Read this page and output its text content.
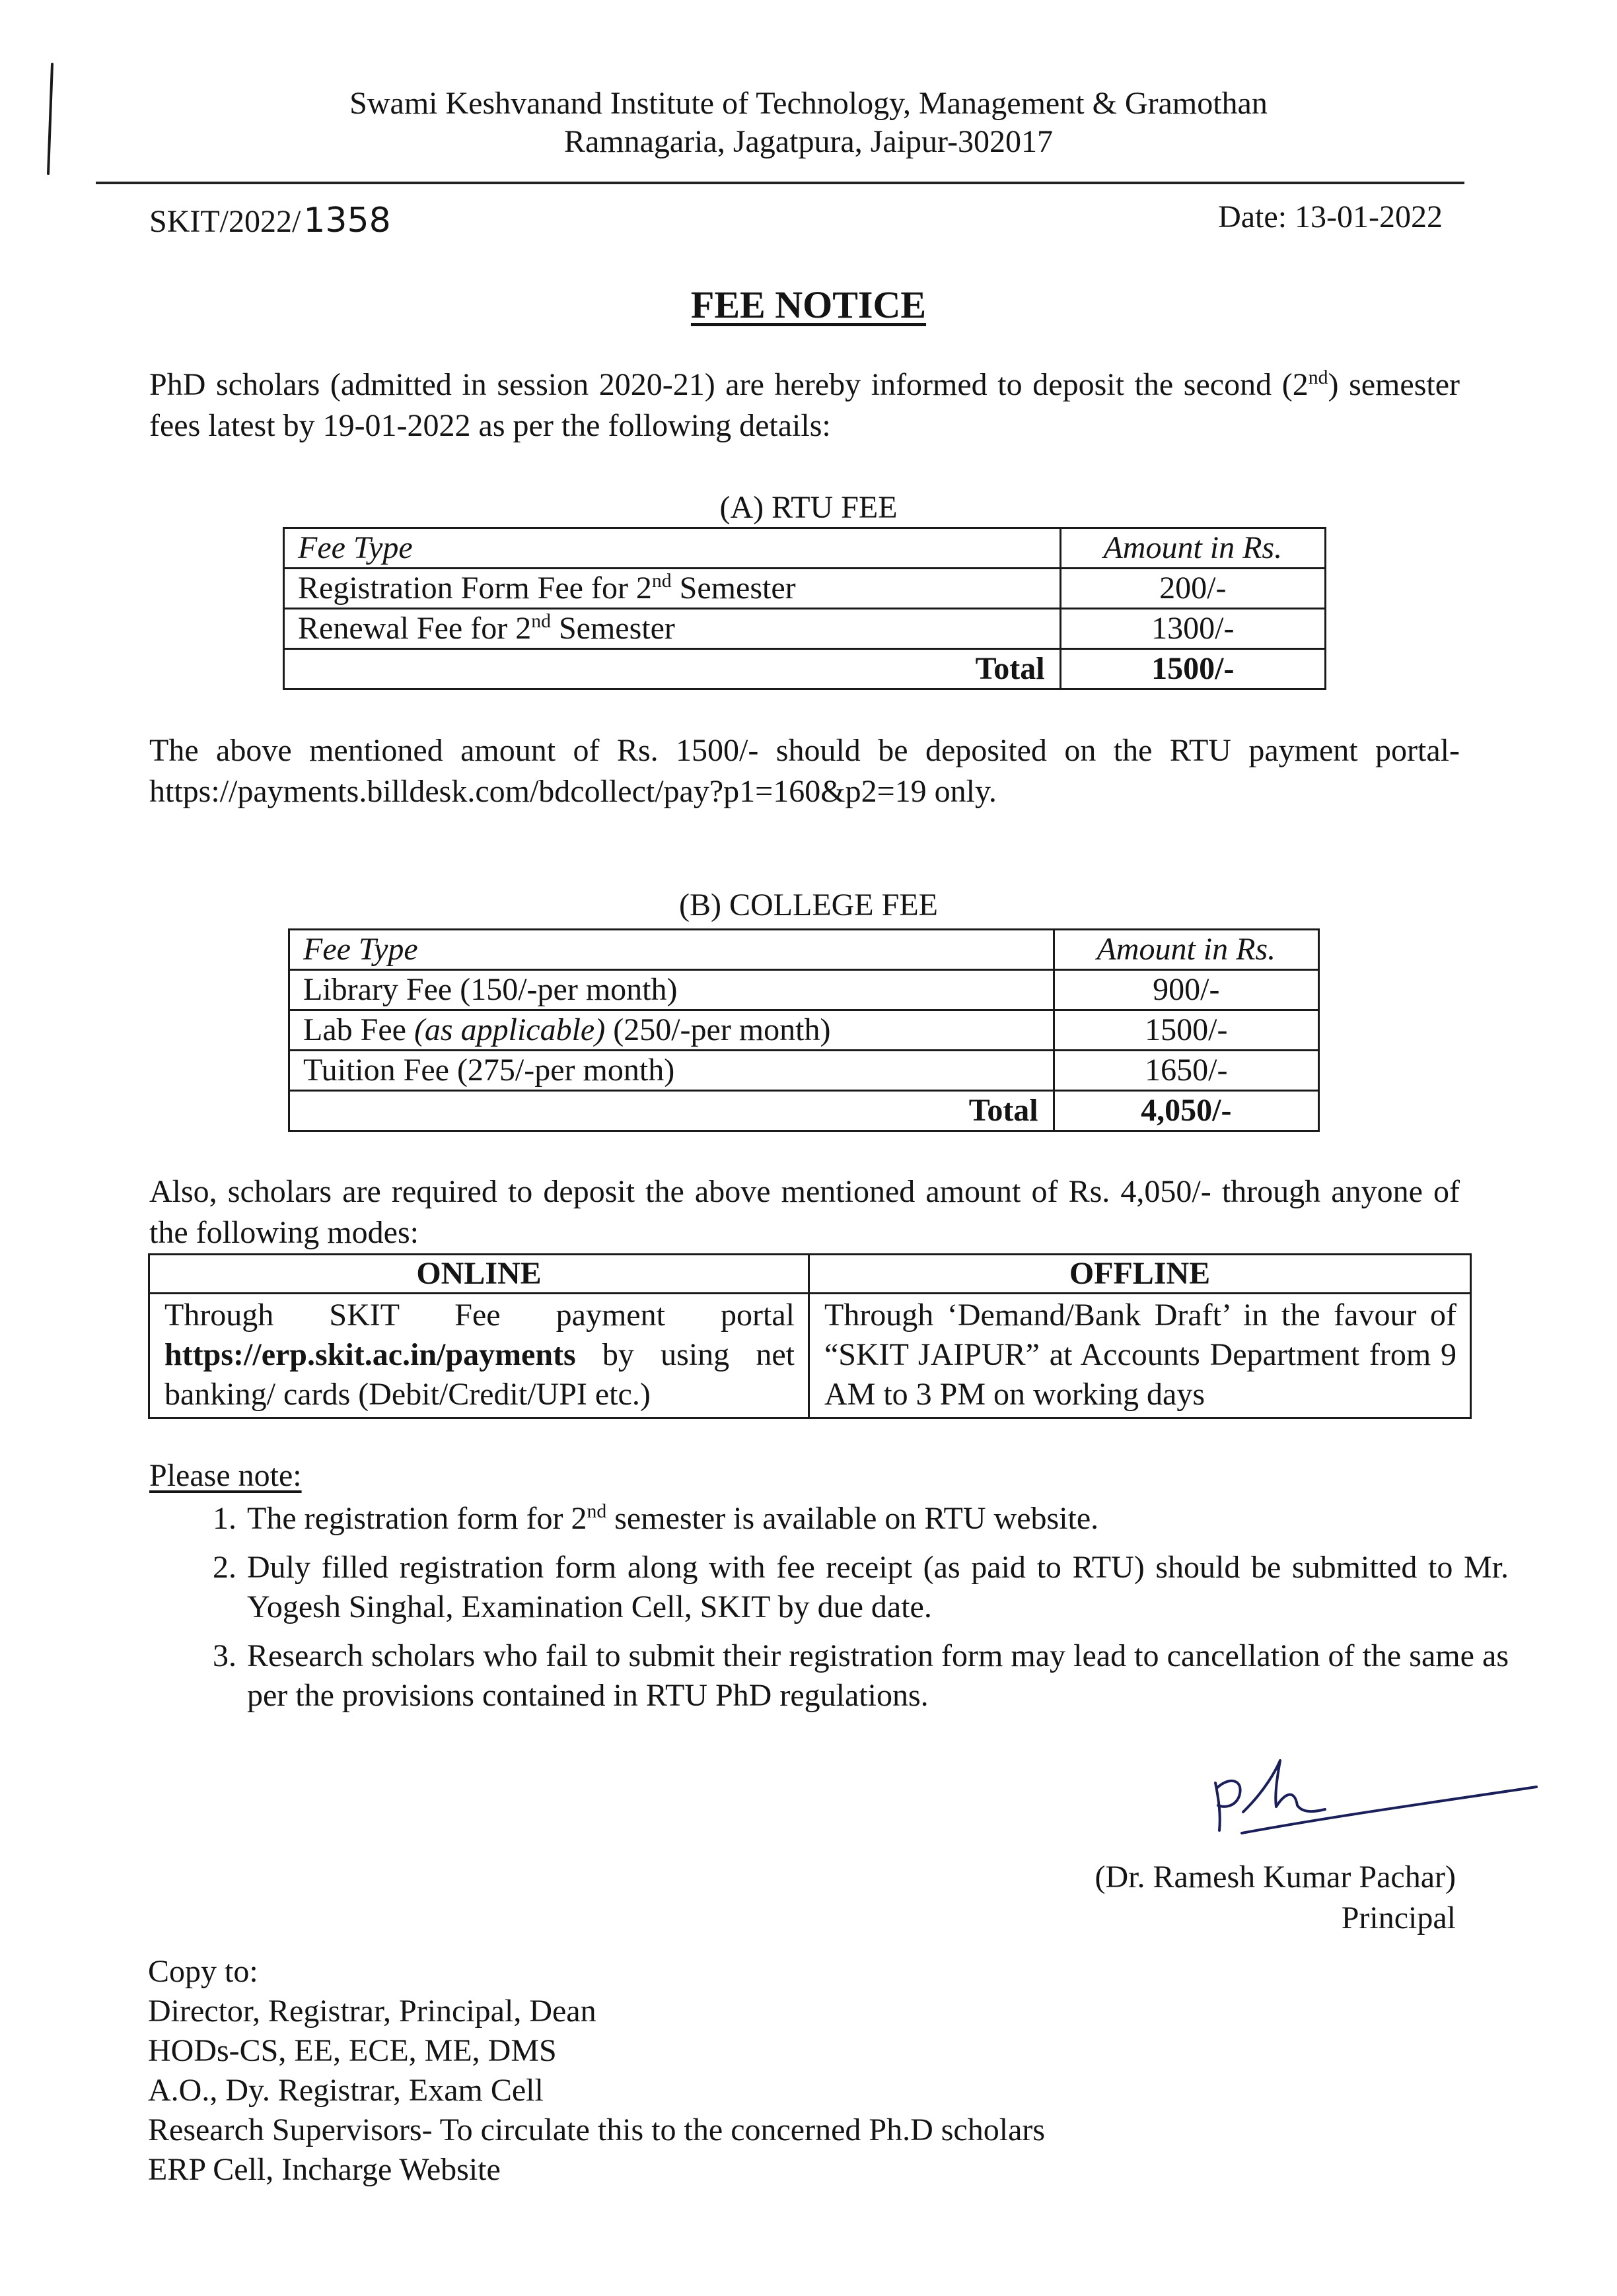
Swami Keshvanand Institute of Technology, Management & Gramothan
Ramnagaria, Jagatpura, Jaipur-302017
SKIT/2022/1358	Date: 13-01-2022
FEE NOTICE
PhD scholars (admitted in session 2020-21) are hereby informed to deposit the second (2nd) semester fees latest by 19-01-2022 as per the following details:
(A) RTU FEE
Fee Type	Amount in Rs.
Registration Form Fee for 2nd Semester	200/-
Renewal Fee for 2nd Semester	1300/-
Total	1500/-
The above mentioned amount of Rs. 1500/- should be deposited on the RTU payment portal- https://payments.billdesk.com/bdcollect/pay?p1=160&p2=19 only.
(B) COLLEGE FEE
Fee Type	Amount in Rs.
Library Fee (150/-per month)	900/-
Lab Fee (as applicable) (250/-per month)	1500/-
Tuition Fee (275/-per month)	1650/-
Total	4,050/-
Also, scholars are required to deposit the above mentioned amount of Rs. 4,050/- through anyone of the following modes:
ONLINE	OFFLINE
Through SKIT Fee payment portal https://erp.skit.ac.in/payments by using net banking/ cards (Debit/Credit/UPI etc.)	Through ‘Demand/Bank Draft’ in the favour of “SKIT JAIPUR” at Accounts Department from 9 AM to 3 PM on working days
Please note:
1. The registration form for 2nd semester is available on RTU website.
2. Duly filled registration form along with fee receipt (as paid to RTU) should be submitted to Mr. Yogesh Singhal, Examination Cell, SKIT by due date.
3. Research scholars who fail to submit their registration form may lead to cancellation of the same as per the provisions contained in RTU PhD regulations.
(Dr. Ramesh Kumar Pachar)
Principal
Copy to:
Director, Registrar, Principal, Dean
HODs-CS, EE, ECE, ME, DMS
A.O., Dy. Registrar, Exam Cell
Research Supervisors- To circulate this to the concerned Ph.D scholars
ERP Cell, Incharge Website
